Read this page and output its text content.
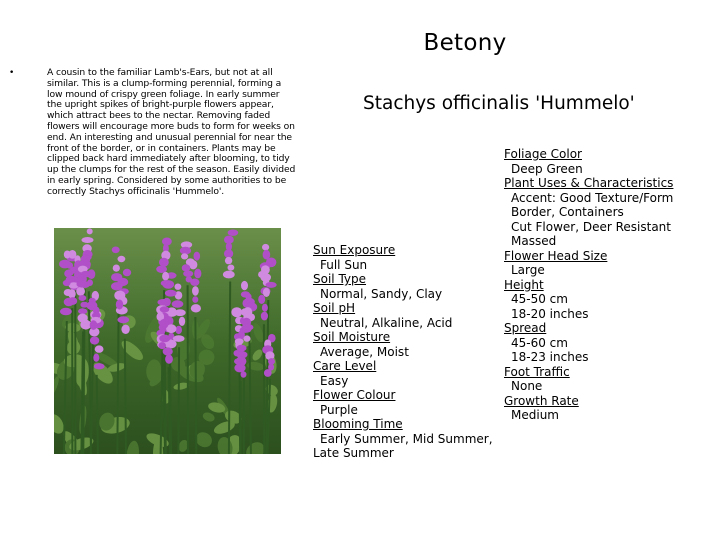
Betony
•	A cousin to the familiar Lamb's-Ears, but not at all similar. This is a clump-forming perennial, forming a low mound of crispy green foliage. In early summer the upright spikes of bright-purple flowers appear, which attract bees to the nectar. Removing faded flowers will encourage more buds to form for weeks on end. An interesting and unusual perennial for near the front of the border, or in containers. Plants may be clipped back hard immediately after blooming, to tidy up the clumps for the rest of the season. Easily divided in early spring. Considered by some authorities to be correctly Stachys officinalis 'Hummelo'.
Stachys officinalis 'Hummelo'
Sun Exposure
Full Sun
Soil Type
Normal, Sandy, Clay
Soil pH
Neutral, Alkaline, Acid
Soil Moisture
Average, Moist
Care Level
Easy
Flower Colour
Purple
Blooming Time
Early Summer, Mid Summer,
Late Summer
Foliage Color
Deep Green
Plant Uses & Characteristics
Accent: Good Texture/Form
Border, Containers
Cut Flower, Deer Resistant
Massed
Flower Head Size
Large
Height
45-50 cm
18-20 inches
Spread
45-60 cm
18-23 inches
Foot Traffic
None
Growth Rate
Medium
